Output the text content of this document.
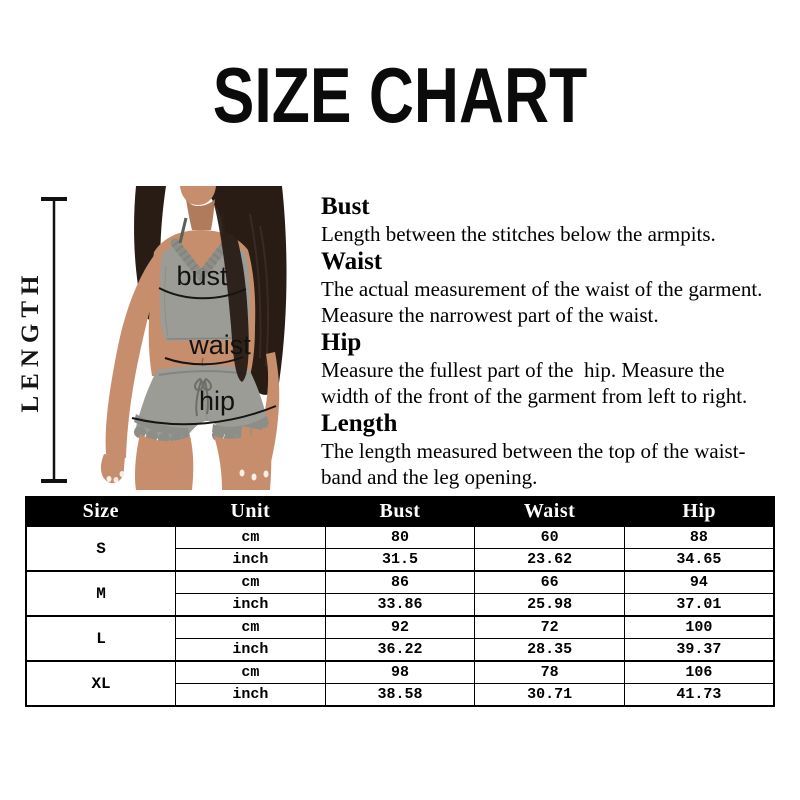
SIZE CHART
LENGTH	bust
waist
hip
Bust
Length between the stitches below the armpits.
Waist
The actual measurement of the waist of the garment.
Measure the narrowest part of the waist.
Hip
Measure the fullest part of the  hip. Measure the
width of the front of the garment from left to right.
Length
The length measured between the top of the waist-
band and the leg opening.
Size	Unit	Bust	Waist	Hip
S	cm	80	60	88
	inch	31.5	23.62	34.65
M	cm	86	66	94
	inch	33.86	25.98	37.01
L	cm	92	72	100
	inch	36.22	28.35	39.37
XL	cm	98	78	106
	inch	38.58	30.71	41.73
